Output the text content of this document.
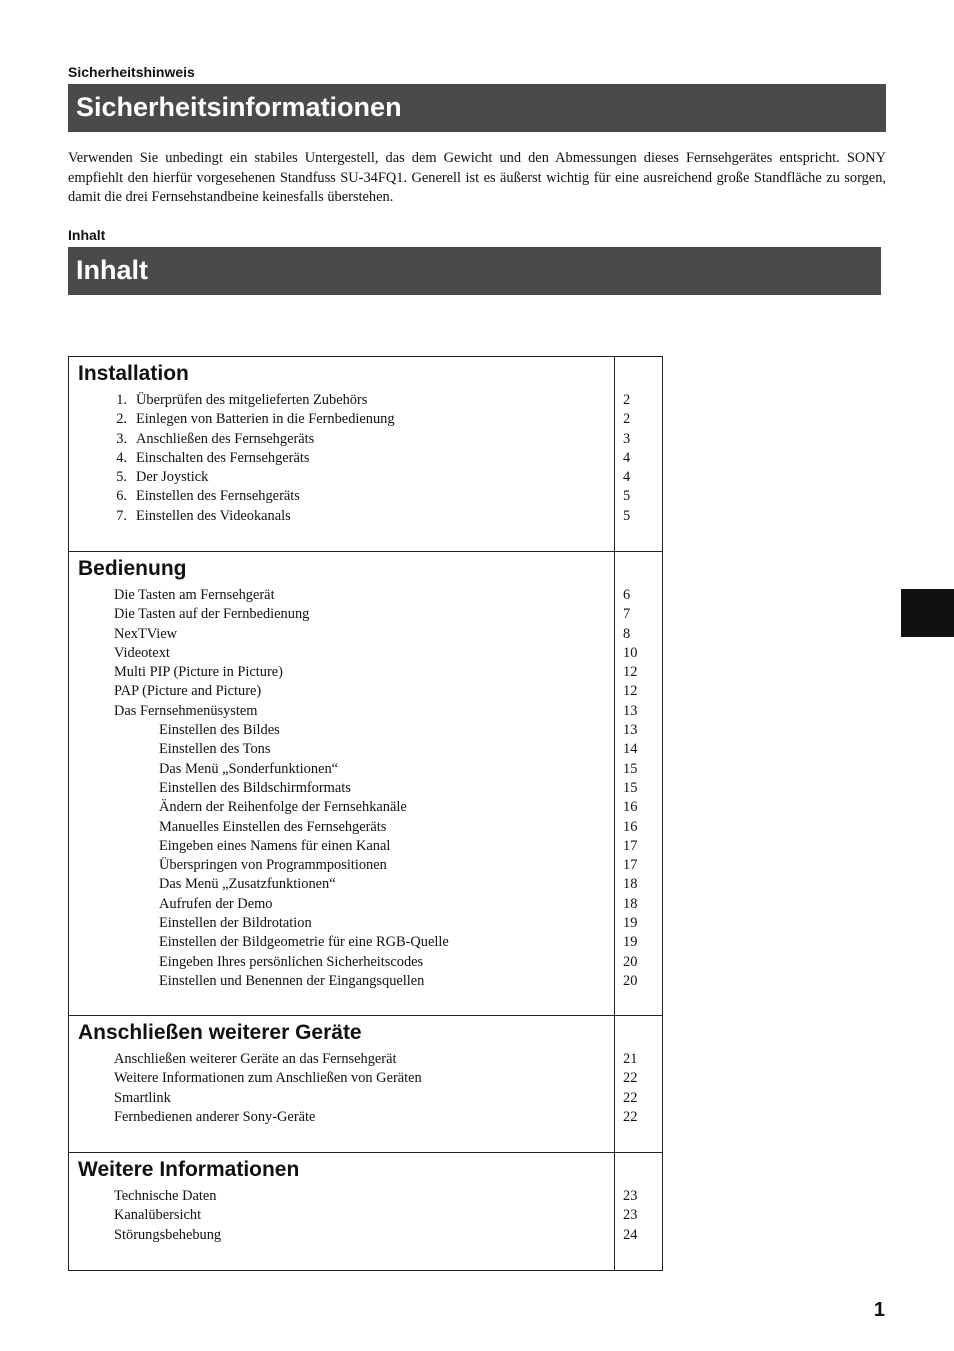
Sicherheitshinweis
Sicherheitsinformationen

Verwenden Sie unbedingt ein stabiles Untergestell, das dem Gewicht und den Abmessungen dieses Fernsehgerätes entspricht. SONY empfiehlt den hierfür vorgesehenen Standfuss SU-34FQ1. Generell ist es äußerst wichtig für eine ausreichend große Standfläche zu sorgen, damit die drei Fernsehstandbeine keinesfalls überstehen.

Inhalt
Inhalt
Installation
1. Überprüfen des mitgelieferten Zubehörs	2
2. Einlegen von Batterien in die Fernbedienung	2
3. Anschließen des Fernsehgeräts	3
4. Einschalten des Fernsehgeräts	4
5. Der Joystick	4
6. Einstellen des Fernsehgeräts	5
7. Einstellen des Videokanals	5
Bedienung
Die Tasten am Fernsehgerät	6
Die Tasten auf der Fernbedienung	7
NexTView	8
Videotext	10
Multi PIP (Picture in Picture)	12
PAP (Picture and Picture)	12
Das Fernsehmenüsystem	13
Einstellen des Bildes	13
Einstellen des Tons	14
Das Menü „Sonderfunktionen“	15
Einstellen des Bildschirmformats	15
Ändern der Reihenfolge der Fernsehkanäle	16
Manuelles Einstellen des Fernsehgeräts	16
Eingeben eines Namens für einen Kanal	17
Überspringen von Programmpositionen	17
Das Menü „Zusatzfunktionen“	18
Aufrufen der Demo	18
Einstellen der Bildrotation	19
Einstellen der Bildgeometrie für eine RGB-Quelle	19
Eingeben Ihres persönlichen Sicherheitscodes	20
Einstellen und Benennen der Eingangsquellen	20
Anschließen weiterer Geräte
Anschließen weiterer Geräte an das Fernsehgerät	21
Weitere Informationen zum Anschließen von Geräten	22
Smartlink	22
Fernbedienen anderer Sony-Geräte	22
Weitere Informationen
Technische Daten	23
Kanalübersicht	23
Störungsbehebung	24
1
